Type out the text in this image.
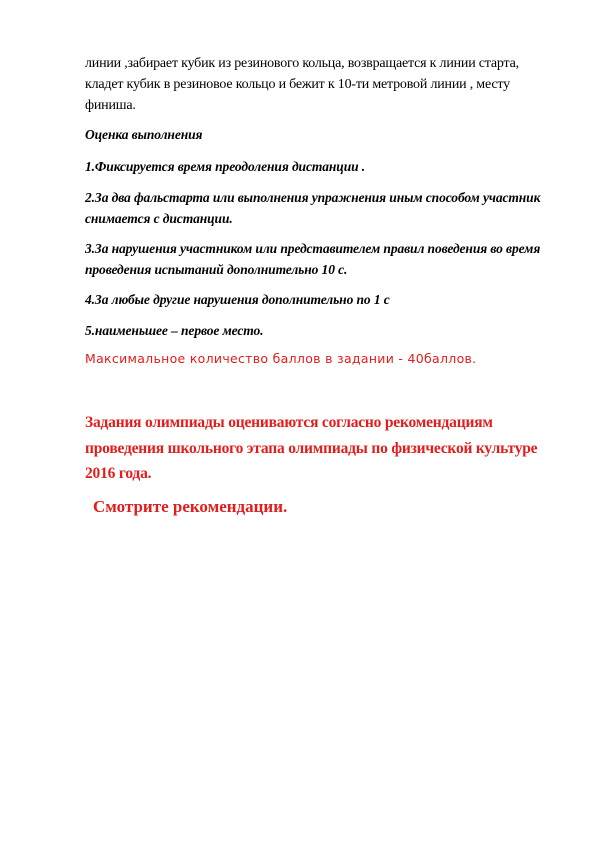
линии ,забирает кубик из резинового кольца, возвращается к линии старта, кладет кубик в резиновое кольцо и бежит к 10-ти метровой линии , месту финиша.
Оценка выполнения
1.Фиксируется время преодоления дистанции .
2.За два фальстарта или выполнения упражнения иным способом участник снимается с дистанции.
3.За нарушения участником или представителем правил поведения во время проведения испытаний дополнительно 10 с.
4.За любые другие нарушения дополнительно по 1 с
5.наименьшее – первое место.
Максимальное количество баллов в задании - 40баллов.
Задания олимпиады оцениваются согласно рекомендациям проведения школьного этапа олимпиады по физической культуре 2016 года.
Смотрите рекомендации.
